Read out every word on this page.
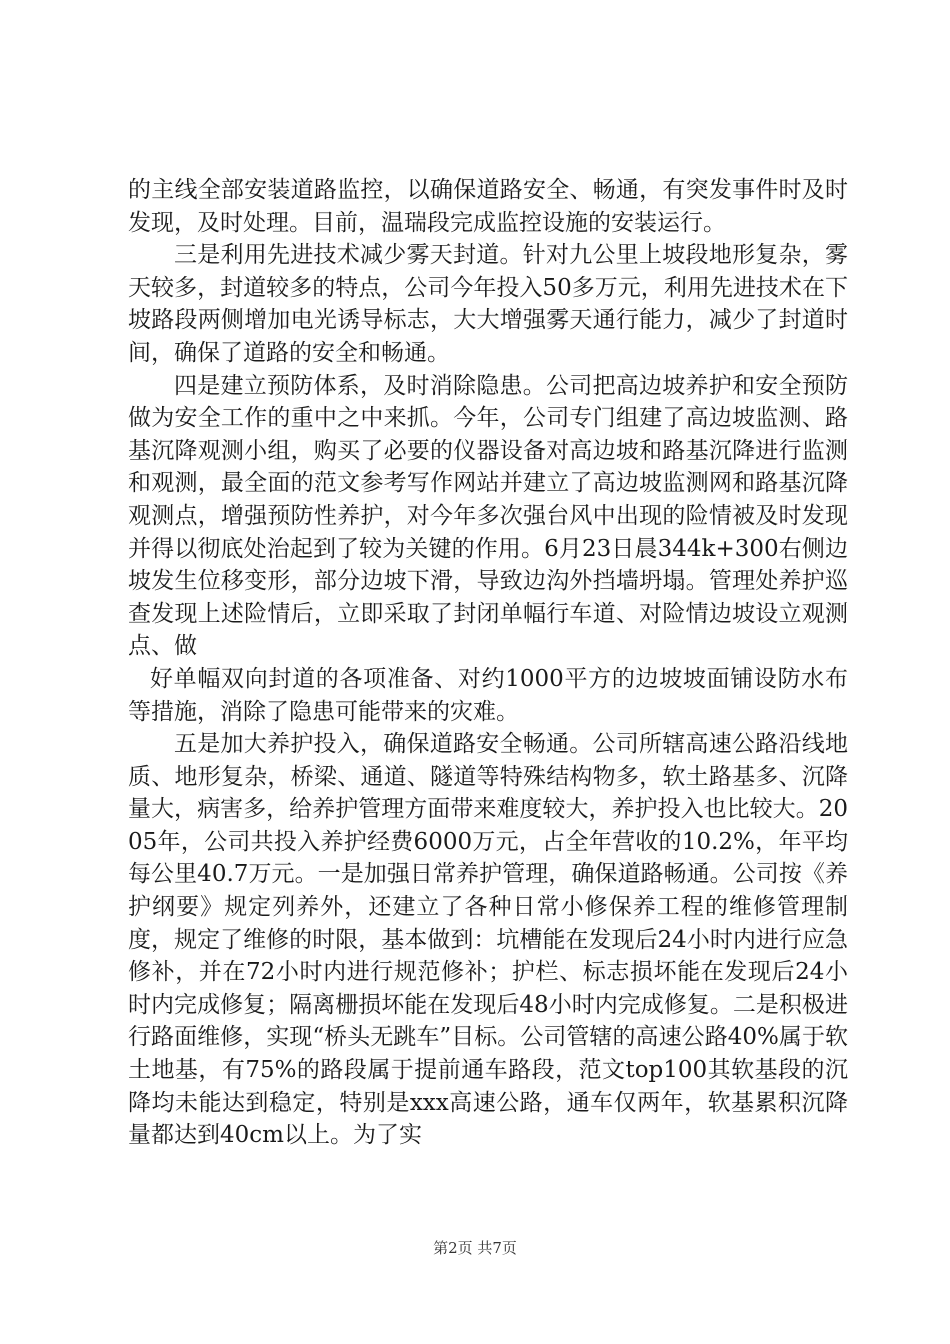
的主线全部安装道路监控，以确保道路安全、畅通，有突发事件时及时发现，及时处理。目前，温瑞段完成监控设施的安装运行。

三是利用先进技术减少雾天封道。针对九公里上坡段地形复杂，雾天较多，封道较多的特点，公司今年投入50多万元，利用先进技术在下坡路段两侧增加电光诱导标志，大大增强雾天通行能力，减少了封道时间，确保了道路的安全和畅通。

四是建立预防体系，及时消除隐患。公司把高边坡养护和安全预防做为安全工作的重中之中来抓。今年，公司专门组建了高边坡监测、路基沉降观测小组，购买了必要的仪器设备对高边坡和路基沉降进行监测和观测，最全面的范文参考写作网站并建立了高边坡监测网和路基沉降观测点，增强预防性养护，对今年多次强台风中出现的险情被及时发现并得以彻底处治起到了较为关键的作用。6月23日晨344k+300右侧边坡发生位移变形，部分边坡下滑，导致边沟外挡墙坍塌。管理处养护巡查发现上述险情后，立即采取了封闭单幅行车道、对险情边坡设立观测点、做

好单幅双向封道的各项准备、对约1000平方的边坡坡面铺设防水布等措施，消除了隐患可能带来的灾难。

五是加大养护投入，确保道路安全畅通。公司所辖高速公路沿线地质、地形复杂，桥梁、通道、隧道等特殊结构物多，软土路基多、沉降量大，病害多，给养护管理方面带来难度较大，养护投入也比较大。2005年，公司共投入养护经费6000万元，占全年营收的10.2%，年平均每公里40.7万元。一是加强日常养护管理，确保道路畅通。公司按《养护纲要》规定列养外，还建立了各种日常小修保养工程的维修管理制度，规定了维修的时限，基本做到：坑槽能在发现后24小时内进行应急修补，并在72小时内进行规范修补；护栏、标志损坏能在发现后24小时内完成修复；隔离栅损坏能在发现后48小时内完成修复。二是积极进行路面维修，实现“桥头无跳车”目标。公司管辖的高速公路40%属于软土地基，有75%的路段属于提前通车路段，范文top100其软基段的沉降均未能达到稳定，特别是xxx高速公路，通车仅两年，软基累积沉降量都达到40cm以上。为了实

第2页 共7页
